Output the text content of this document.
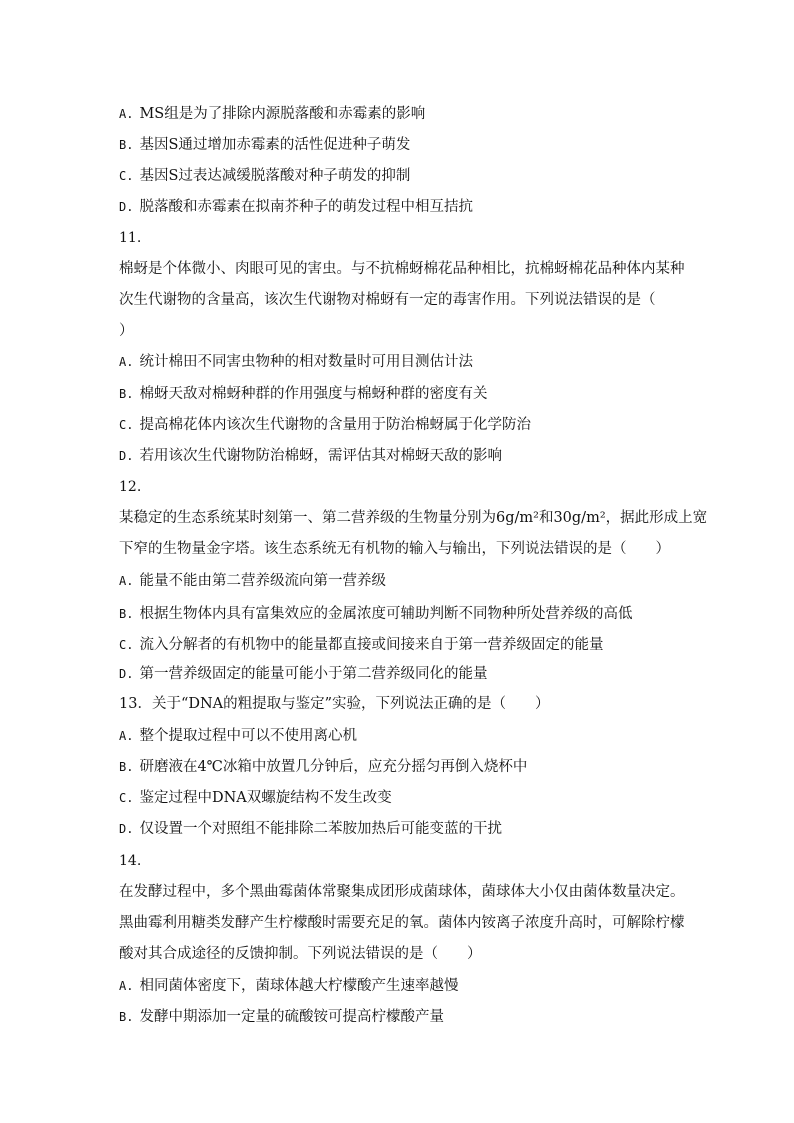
A. MS组是为了排除内源脱落酸和赤霉素的影响
B. 基因S通过增加赤霉素的活性促进种子萌发
C. 基因S过表达减缓脱落酸对种子萌发的抑制
D. 脱落酸和赤霉素在拟南芥种子的萌发过程中相互拮抗
11.
棉蚜是个体微小、肉眼可见的害虫。与不抗棉蚜棉花品种相比，抗棉蚜棉花品种体内某种
次生代谢物的含量高，该次生代谢物对棉蚜有一定的毒害作用。下列说法错误的是（
）
A. 统计棉田不同害虫物种的相对数量时可用目测估计法
B. 棉蚜天敌对棉蚜种群的作用强度与棉蚜种群的密度有关
C. 提高棉花体内该次生代谢物的含量用于防治棉蚜属于化学防治
D. 若用该次生代谢物防治棉蚜，需评估其对棉蚜天敌的影响
12.
某稳定的生态系统某时刻第一、第二营养级的生物量分别为6g/m²和30g/m²，据此形成上宽
下窄的生物量金字塔。该生态系统无有机物的输入与输出，下列说法错误的是（　　）
A. 能量不能由第二营养级流向第一营养级
B. 根据生物体内具有富集效应的金属浓度可辅助判断不同物种所处营养级的高低
C. 流入分解者的有机物中的能量都直接或间接来自于第一营养级固定的能量
D. 第一营养级固定的能量可能小于第二营养级同化的能量
13．关于“DNA的粗提取与鉴定”实验，下列说法正确的是（　　）
A. 整个提取过程中可以不使用离心机
B. 研磨液在4℃冰箱中放置几分钟后，应充分摇匀再倒入烧杯中
C. 鉴定过程中DNA双螺旋结构不发生改变
D. 仅设置一个对照组不能排除二苯胺加热后可能变蓝的干扰
14.
在发酵过程中，多个黑曲霉菌体常聚集成团形成菌球体，菌球体大小仅由菌体数量决定。
黑曲霉利用糖类发酵产生柠檬酸时需要充足的氧。菌体内铵离子浓度升高时，可解除柠檬
酸对其合成途径的反馈抑制。下列说法错误的是（　　）
A. 相同菌体密度下，菌球体越大柠檬酸产生速率越慢
B. 发酵中期添加一定量的硫酸铵可提高柠檬酸产量
